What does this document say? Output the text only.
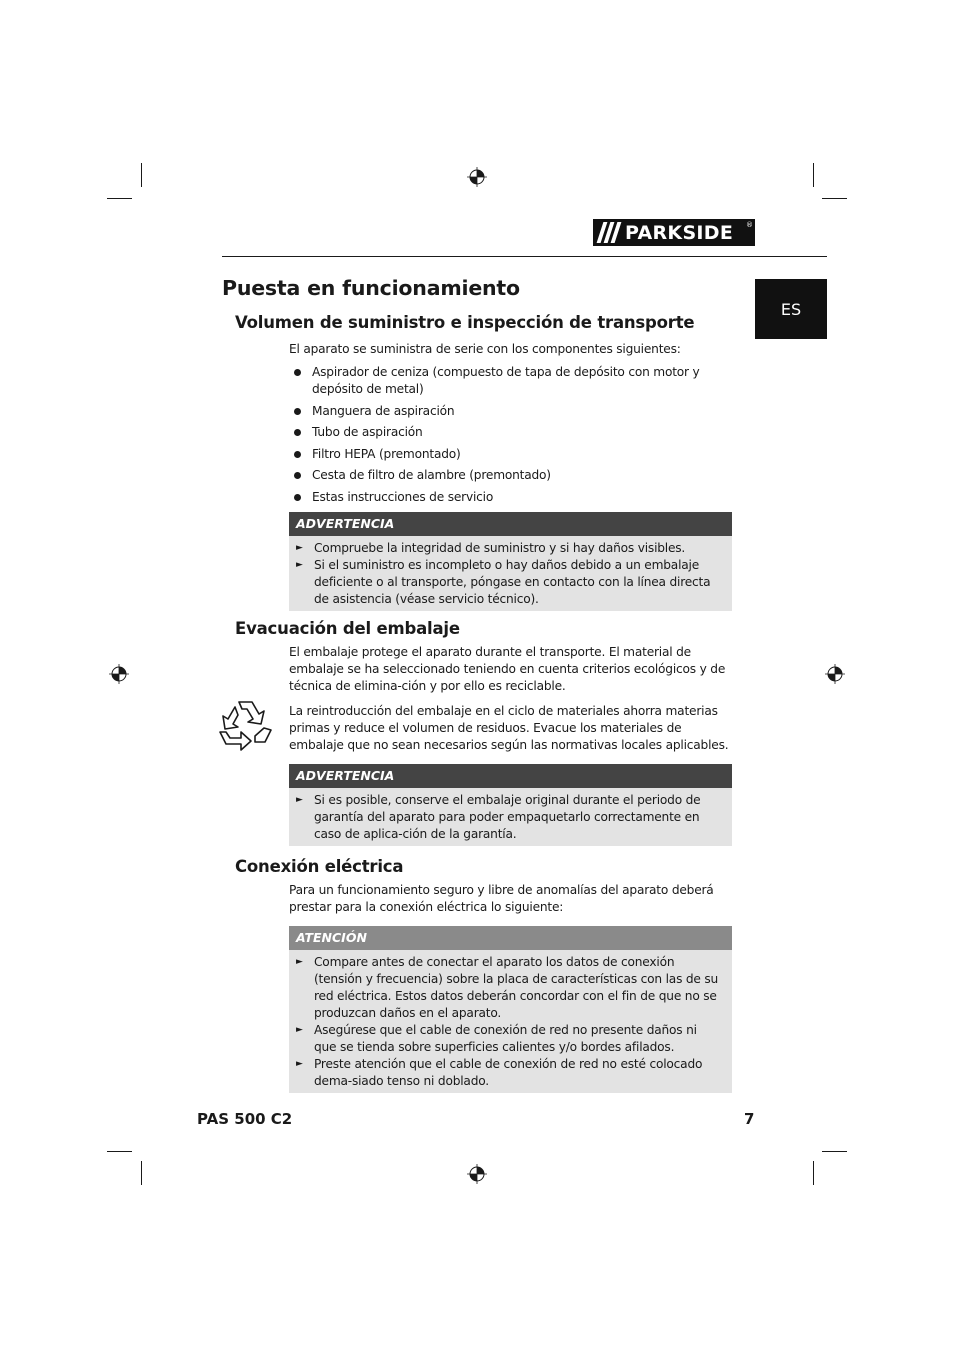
PARKSIDE ®
ES
Puesta en funcionamiento
Volumen de suministro e inspección de transporte

El aparato se suministra de serie con los componentes siguientes:

Aspirador de ceniza (compuesto de tapa de depósito con motor y depósito de metal)
Manguera de aspiración
Tubo de aspiración
Filtro HEPA (premontado)
Cesta de filtro de alambre (premontado)
Estas instrucciones de servicio
ADVERTENCIA
► Compruebe la integridad de suministro y si hay daños visibles.
► Si el suministro es incompleto o hay daños debido a un embalaje deficiente o al transporte, póngase en contacto con la línea directa de asistencia (véase servicio técnico).
Evacuación del embalaje

El embalaje protege el aparato durante el transporte. El material de embalaje se ha seleccionado teniendo en cuenta criterios ecológicos y de técnica de elimina-ción y por ello es reciclable.

La reintroducción del embalaje en el ciclo de materiales ahorra materias primas y reduce el volumen de residuos. Evacue los materiales de embalaje que no sean necesarios según las normativas locales aplicables.

ADVERTENCIA
► Si es posible, conserve el embalaje original durante el periodo de garantía del aparato para poder empaquetarlo correctamente en caso de aplica-ción de la garantía.
Conexión eléctrica

Para un funcionamiento seguro y libre de anomalías del aparato deberá prestar para la conexión eléctrica lo siguiente:

ATENCIÓN
► Compare antes de conectar el aparato los datos de conexión (tensión y frecuencia) sobre la placa de características con las de su red eléctrica. Estos datos deberán concordar con el fin de que no se produzcan daños en el aparato.
► Asegúrese que el cable de conexión de red no presente daños ni que se tienda sobre superficies calientes y/o bordes afilados.
► Preste atención que el cable de conexión de red no esté colocado dema-siado tenso ni doblado.
PAS 500 C2	7
